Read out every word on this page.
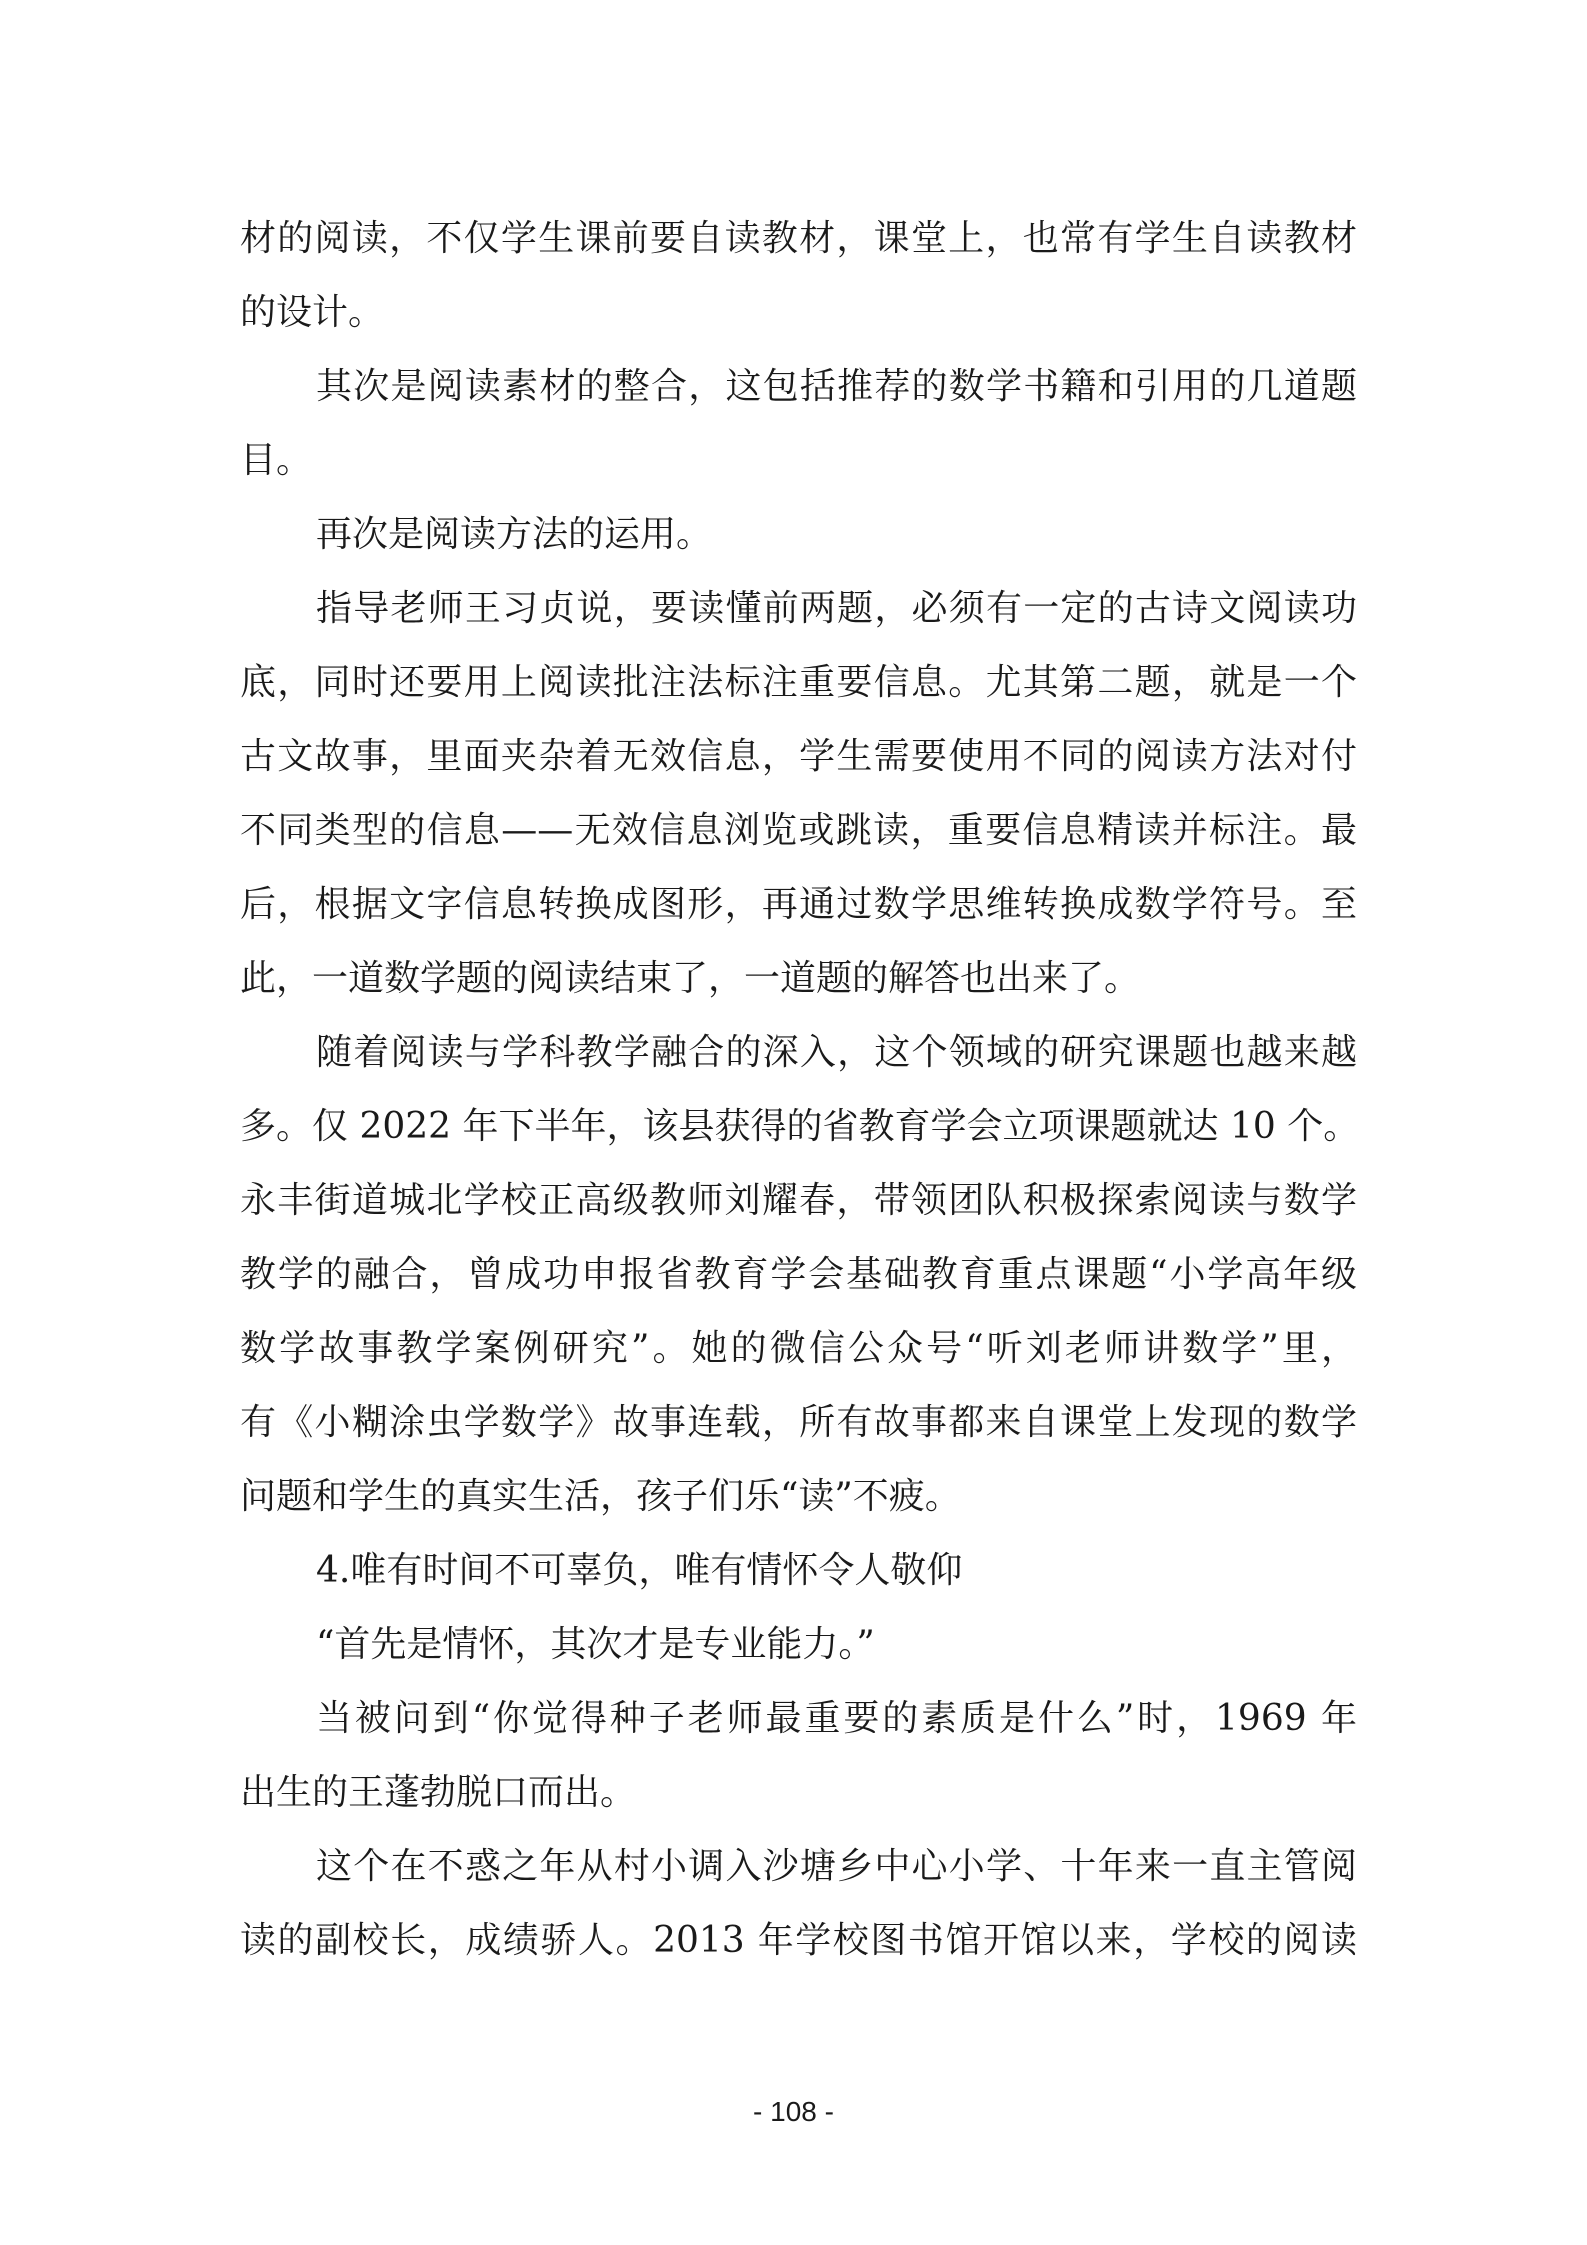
材的阅读，不仅学生课前要自读教材，课堂上，也常有学生自读教材
的设计。
其次是阅读素材的整合，这包括推荐的数学书籍和引用的几道题
目。
再次是阅读方法的运用。
指导老师王习贞说，要读懂前两题，必须有一定的古诗文阅读功
底，同时还要用上阅读批注法标注重要信息。尤其第二题，就是一个
古文故事，里面夹杂着无效信息，学生需要使用不同的阅读方法对付
不同类型的信息——无效信息浏览或跳读，重要信息精读并标注。最
后，根据文字信息转换成图形，再通过数学思维转换成数学符号。至
此，一道数学题的阅读结束了，一道题的解答也出来了。
随着阅读与学科教学融合的深入，这个领域的研究课题也越来越
多。仅 2022 年下半年，该县获得的省教育学会立项课题就达 10 个。
永丰街道城北学校正高级教师刘耀春，带领团队积极探索阅读与数学
教学的融合，曾成功申报省教育学会基础教育重点课题“小学高年级
数学故事教学案例研究”。她的微信公众号“听刘老师讲数学”里，
有《小糊涂虫学数学》故事连载，所有故事都来自课堂上发现的数学
问题和学生的真实生活，孩子们乐“读”不疲。
4.唯有时间不可辜负，唯有情怀令人敬仰
“首先是情怀，其次才是专业能力。”
当被问到“你觉得种子老师最重要的素质是什么”时，1969 年
出生的王蓬勃脱口而出。
这个在不惑之年从村小调入沙塘乡中心小学、十年来一直主管阅
读的副校长，成绩骄人。2013 年学校图书馆开馆以来，学校的阅读
- 108 -
